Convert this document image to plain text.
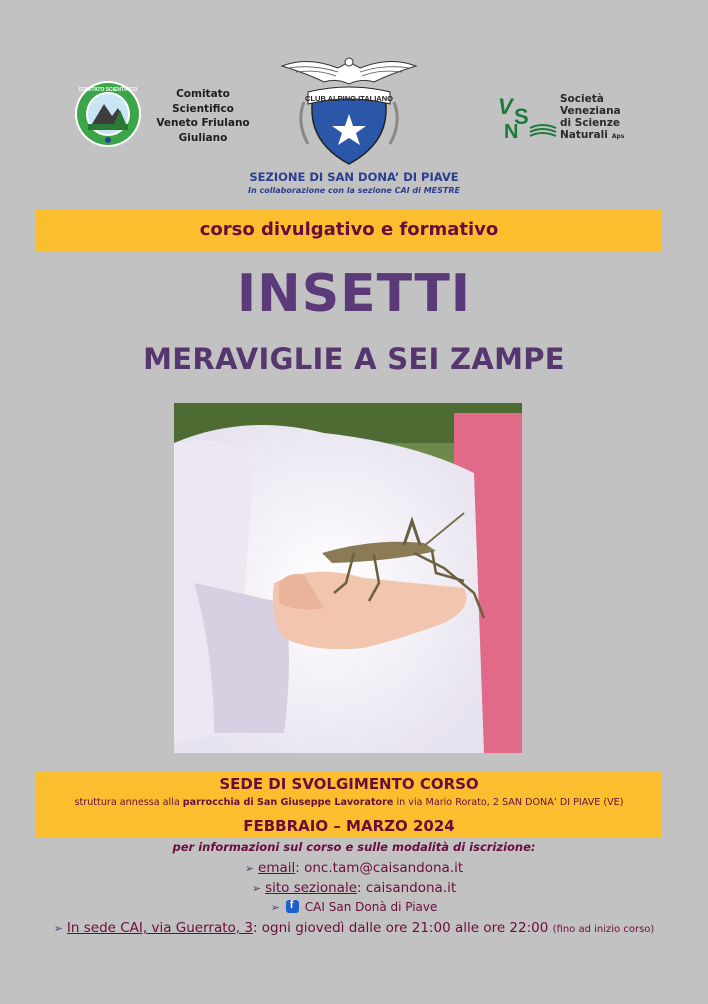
COMITATO SCIENTIFICO	Comitato
Scientifico
Veneto Friulano
Giuliano
CLUB ALPINO ITALIANO
SEZIONE DI SAN DONA’ DI PIAVE
In collaborazione con la sezione CAI di MESTRE
V S
N
Società
Veneziana
di Scienze
Naturali Aps
corso divulgativo e formativo
INSETTI
MERAVIGLIE A SEI ZAMPE
SEDE DI SVOLGIMENTO CORSO
struttura annessa alla parrocchia di San Giuseppe Lavoratore in via Mario Rorato, 2 SAN DONA’ DI PIAVE (VE)
FEBBRAIO – MARZO 2024
per informazioni sul corso e sulle modalità di iscrizione:
➢ email: onc.tam@caisandona.it
➢ sito sezionale: caisandona.it
➢ f CAI San Donà di Piave
➢ In sede CAI, via Guerrato, 3: ogni giovedì dalle ore 21:00 alle ore 22:00 (fino ad inizio corso)
